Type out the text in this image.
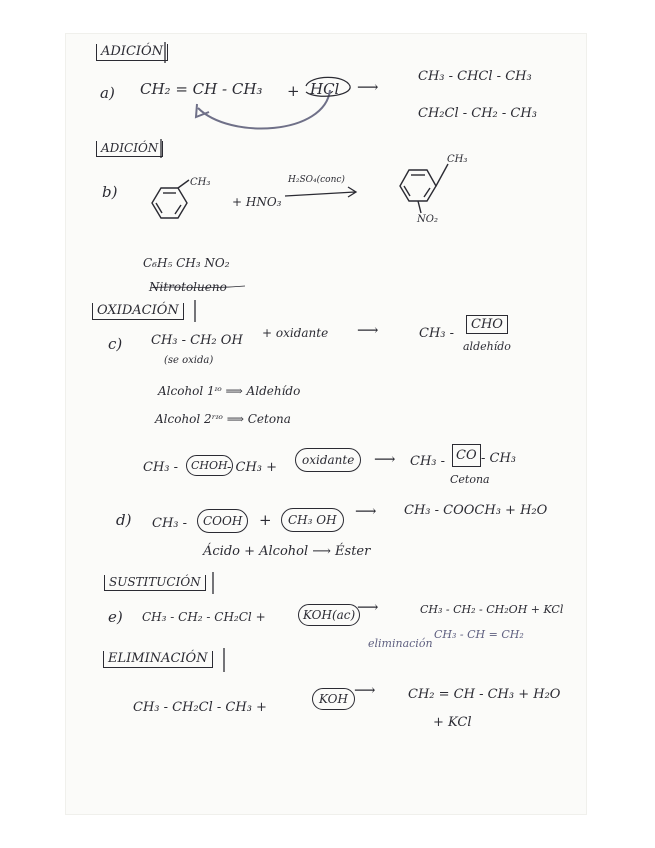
ADICIÓN
a) CH₂ = CH - CH₃ + HCl ⟶
CH₃ - CHCl - CH₃
CH₂Cl - CH₂ - CH₃
ADICIÓN
b)
CH₃
+ HNO₃
H₂SO₄(conc)
CH₃
NO₂
C₆H₅ CH₃ NO₂
Nitrotolueno
OXIDACIÓN
c) CH₃ - CH₂ OH
(se oxida)
+ oxidante ⟶	CH₃ -
CHO
aldehído
Alcohol 1ᶦᵒ ⟹ Aldehído
Alcohol 2ʳᶦᵒ ⟹ Cetona
CH₃ -	CHOH - CH₃ +	oxidante	⟶ CH₃ - CO - CH₃
Cetona
d) CH₃ -	COOH	+	CH₃ OH	⟶ CH₃ - COOCH₃ + H₂O
Ácido + Alcohol ⟶ Éster
SUSTITUCIÓN
e) CH₃ - CH₂ - CH₂Cl +	KOH(ac) ⟶	CH₃ - CH₂ - CH₂OH + KCl
eliminación
CH₃ - CH = CH₂
ELIMINACIÓN
CH₃ - CH₂Cl - CH₃ +
KOH ⟶ CH₂ = CH - CH₃ + H₂O
+ KCl
